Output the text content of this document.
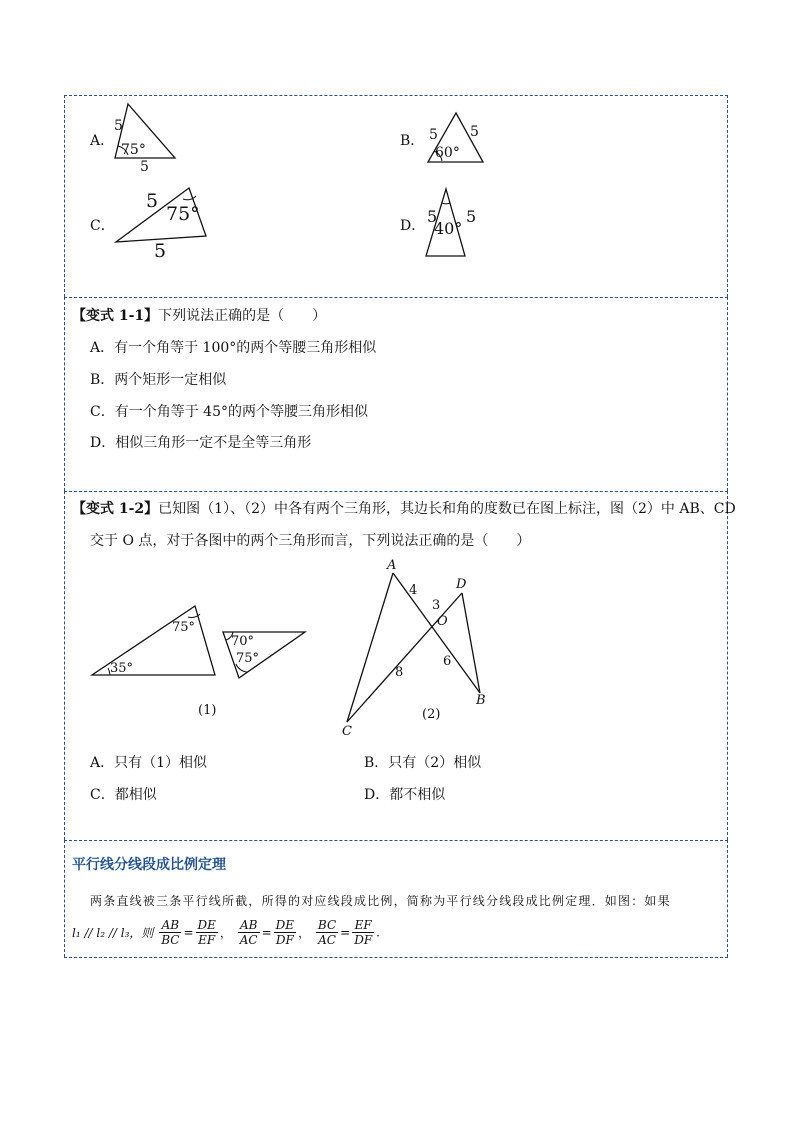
A．
5
75°
5
B． 5 5
60°
C．
5
75°
5
D． 5 5
40°
【变式 1-1】下列说法正确的是（　　）
A．有一个角等于 100°的两个等腰三角形相似
B．两个矩形一定相似
C．有一个角等于 45°的两个等腰三角形相似
D．相似三角形一定不是全等三角形
【变式 1-2】已知图（1）、（2）中各有两个三角形，其边长和角的度数已在图上标注，图（2）中 AB、CD
交于 O 点，对于各图中的两个三角形而言，下列说法正确的是（　　）
75°
35°
70°
75°
(1)
A
D
O
B
C
4
3
8
6
(2)
A．只有（1）相似	B．只有（2）相似
C．都相似	D．都不相似
平行线分线段成比例定理
两条直线被三条平行线所截，所得的对应线段成比例，简称为平行线分线段成比例定理．如图：如果
l₁ // l₂ // l₃，则 $\frac{AB}{BC} = \frac{DE}{EF}$ ， $\frac{AB}{AC} = \frac{DE}{DF}$ ， $\frac{BC}{AC} = \frac{EF}{DF}$ .
